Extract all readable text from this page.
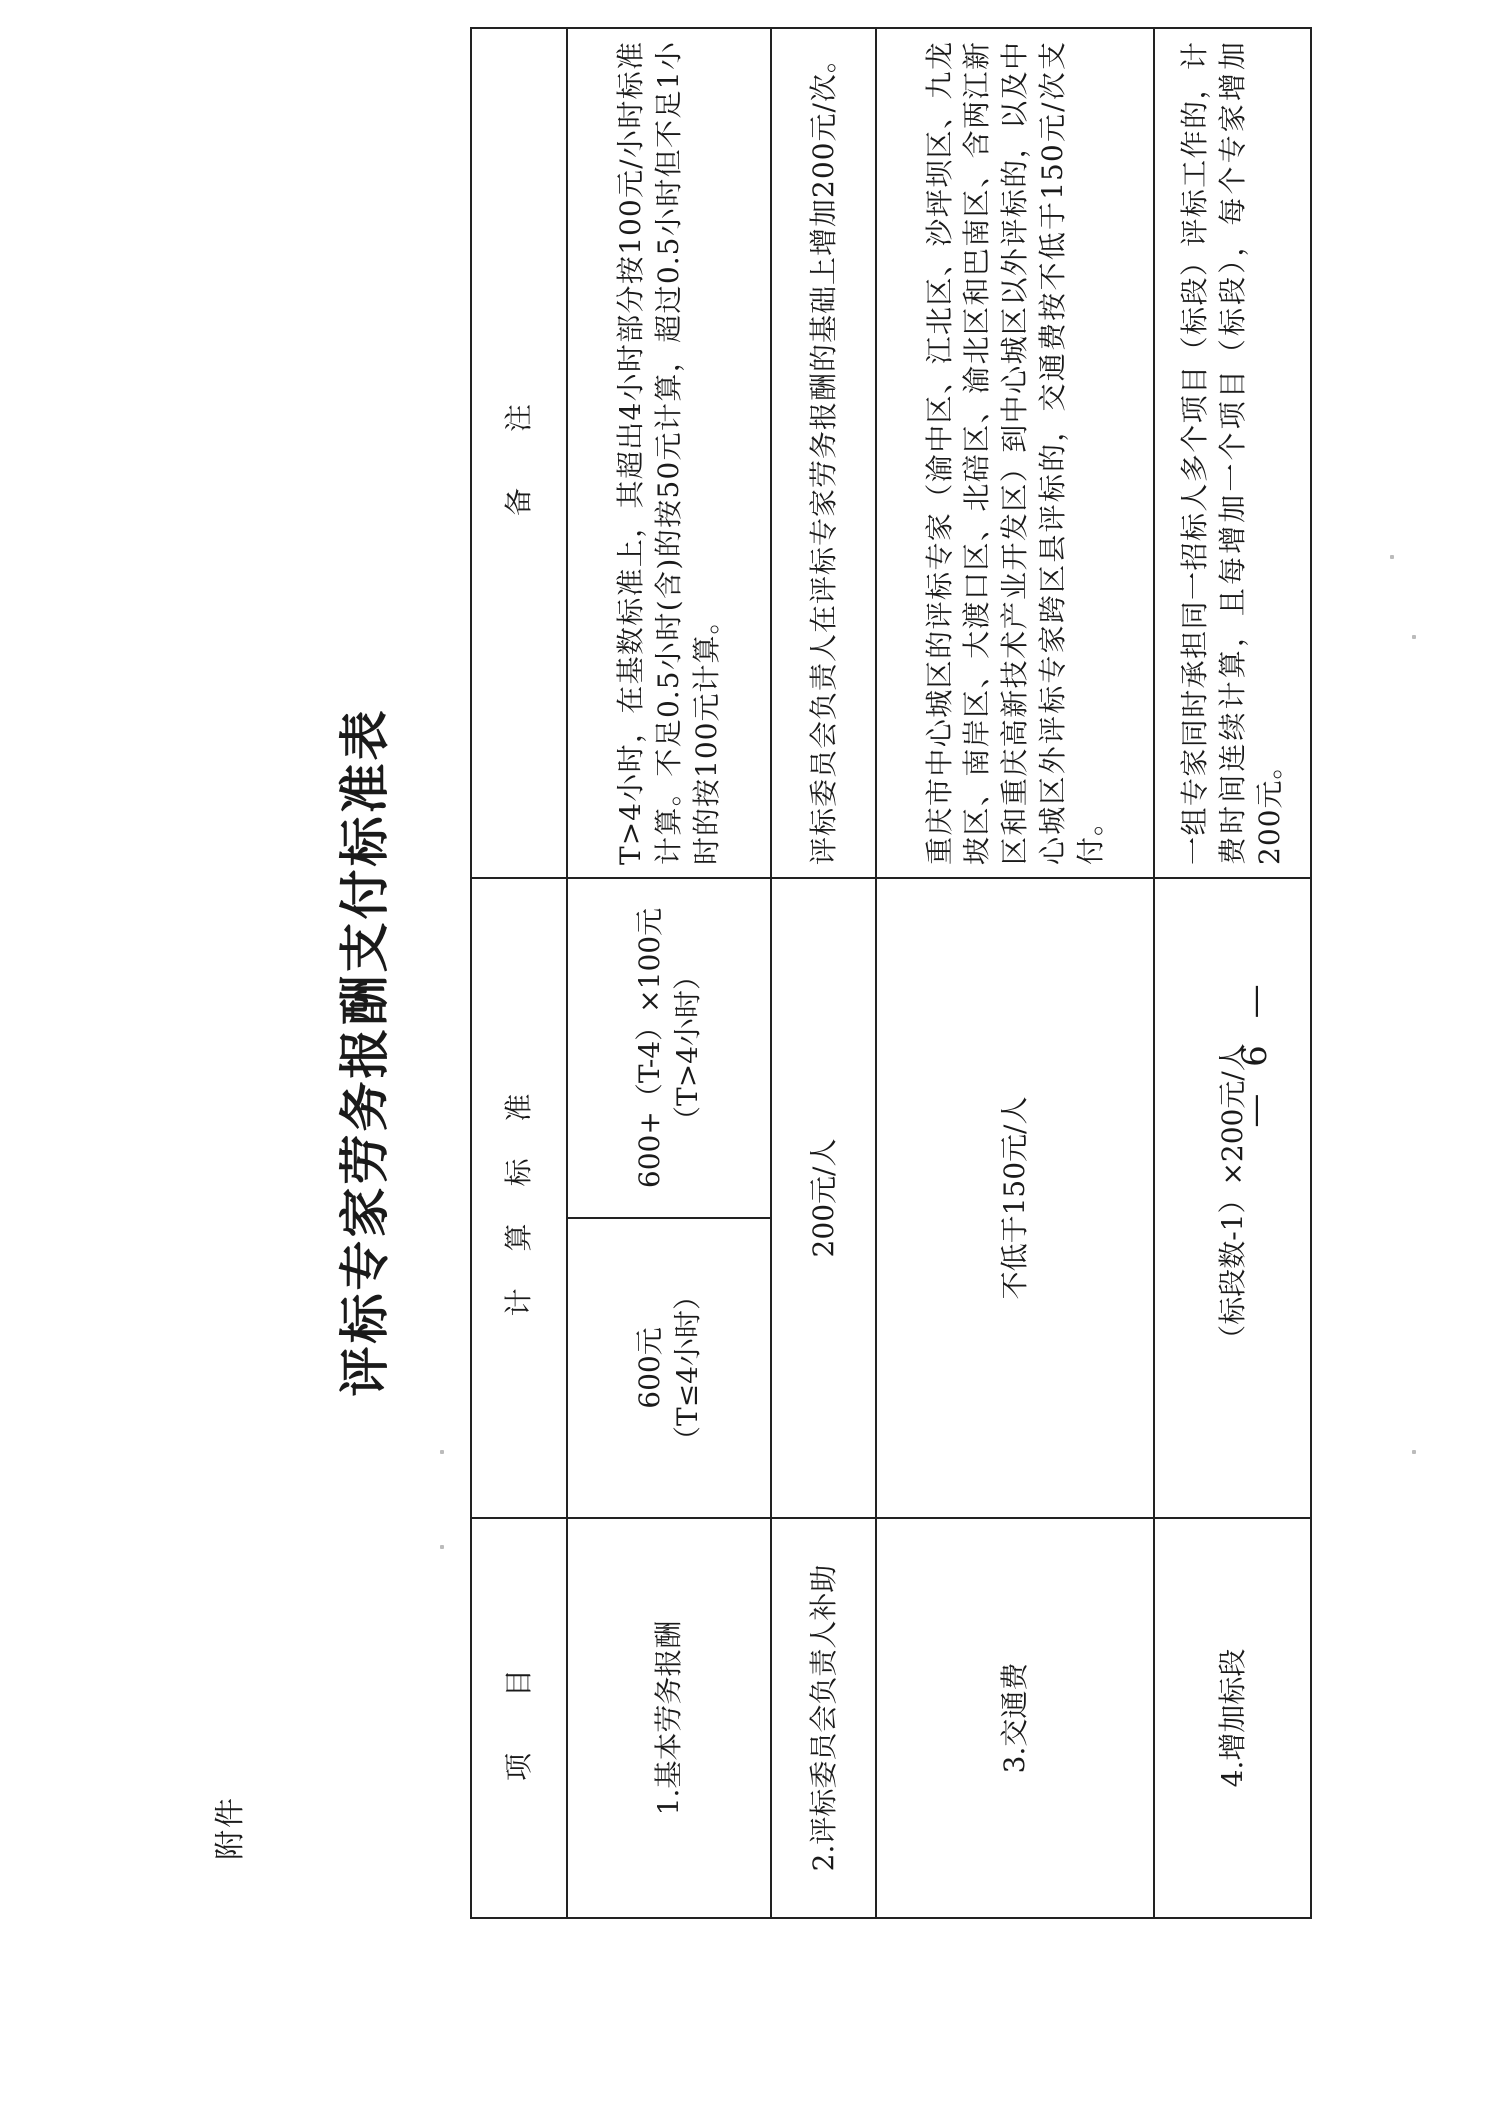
附件
评标专家劳务报酬支付标准表
项　目	计 算 标 准		备　注

1.基本劳务报酬	600元 （T≤4小时）	600+（T-4）×100元 （T>4小时）	T>4小时，在基数标准上，其超出4小时部分按100元/小时标准计算。不足0.5小时(含)的按50元计算，超过0.5小时但不足1小时的按100元计算。
2.评标委员会负责人补助	200元/人		评标委员会负责人在评标专家劳务报酬的基础上增加200元/次。
3.交通费	不低于150元/人		重庆市中心城区的评标专家（渝中区、江北区、沙坪坝区、九龙坡区、南岸区、大渡口区、北碚区、渝北区和巴南区、含两江新区和重庆高新技术产业开发区）到中心城区以外评标的，以及中心城区外评标专家跨区县评标的，交通费按不低于150元/次支付。
4.增加标段	（标段数-1）×200元/人		一组专家同时承担同一招标人多个项目（标段）评标工作的，计费时间连续计算，且每增加一个项目（标段），每个专家增加200元。
— 6 —
